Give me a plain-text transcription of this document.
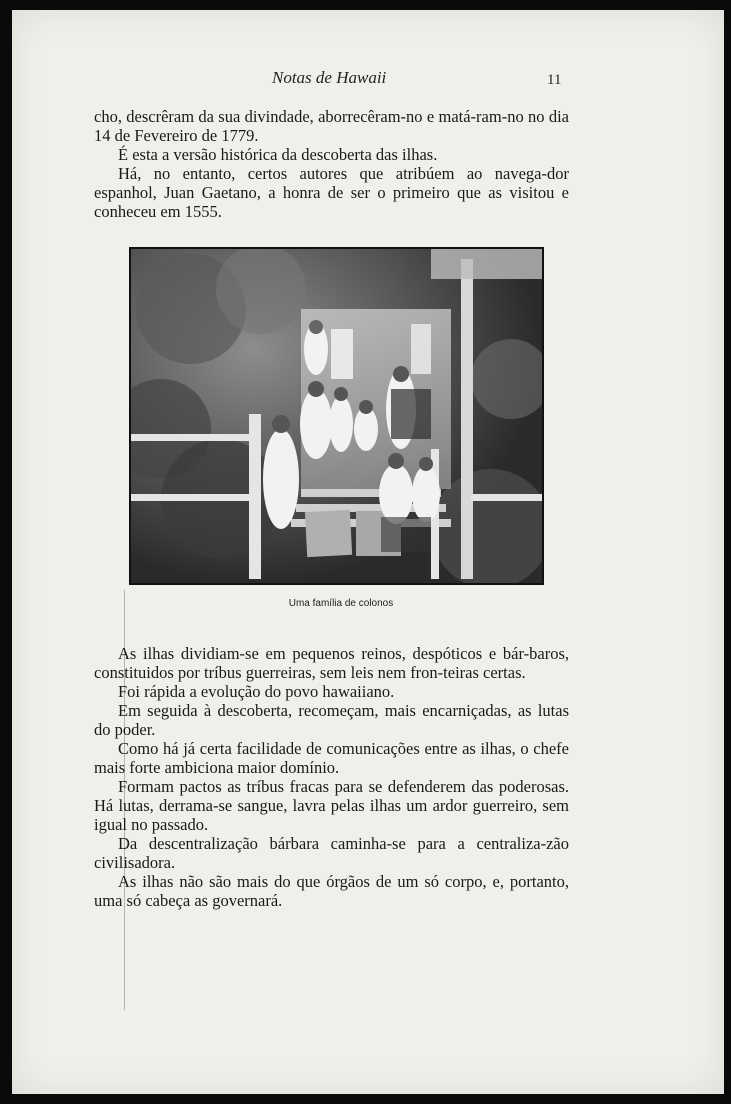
Notas de Hawaii	11

cho, descrêram da sua divindade, aborrecêram-no e matá-ram-no no dia 14 de Fevereiro de 1779.

É esta a versão histórica da descoberta das ilhas.

Há, no entanto, certos autores que atribúem ao navega-dor espanhol, Juan Gaetano, a honra de ser o primeiro que as visitou e conheceu em 1555.

Uma família de colonos

As ilhas dividiam-se em pequenos reinos, despóticos e bár-baros, constituidos por tríbus guerreiras, sem leis nem fron-teiras certas.

Foi rápida a evolução do povo hawaiiano.

Em seguida à descoberta, recomeçam, mais encarniçadas, as lutas do poder.

Como há já certa facilidade de comunicações entre as ilhas, o chefe mais forte ambiciona maior domínio.

Formam pactos as tríbus fracas para se defenderem das poderosas. Há lutas, derrama-se sangue, lavra pelas ilhas um ardor guerreiro, sem igual no passado.

Da descentralização bárbara caminha-se para a centraliza-zão civilisadora.

As ilhas não são mais do que órgãos de um só corpo, e, portanto, uma só cabeça as governará.
